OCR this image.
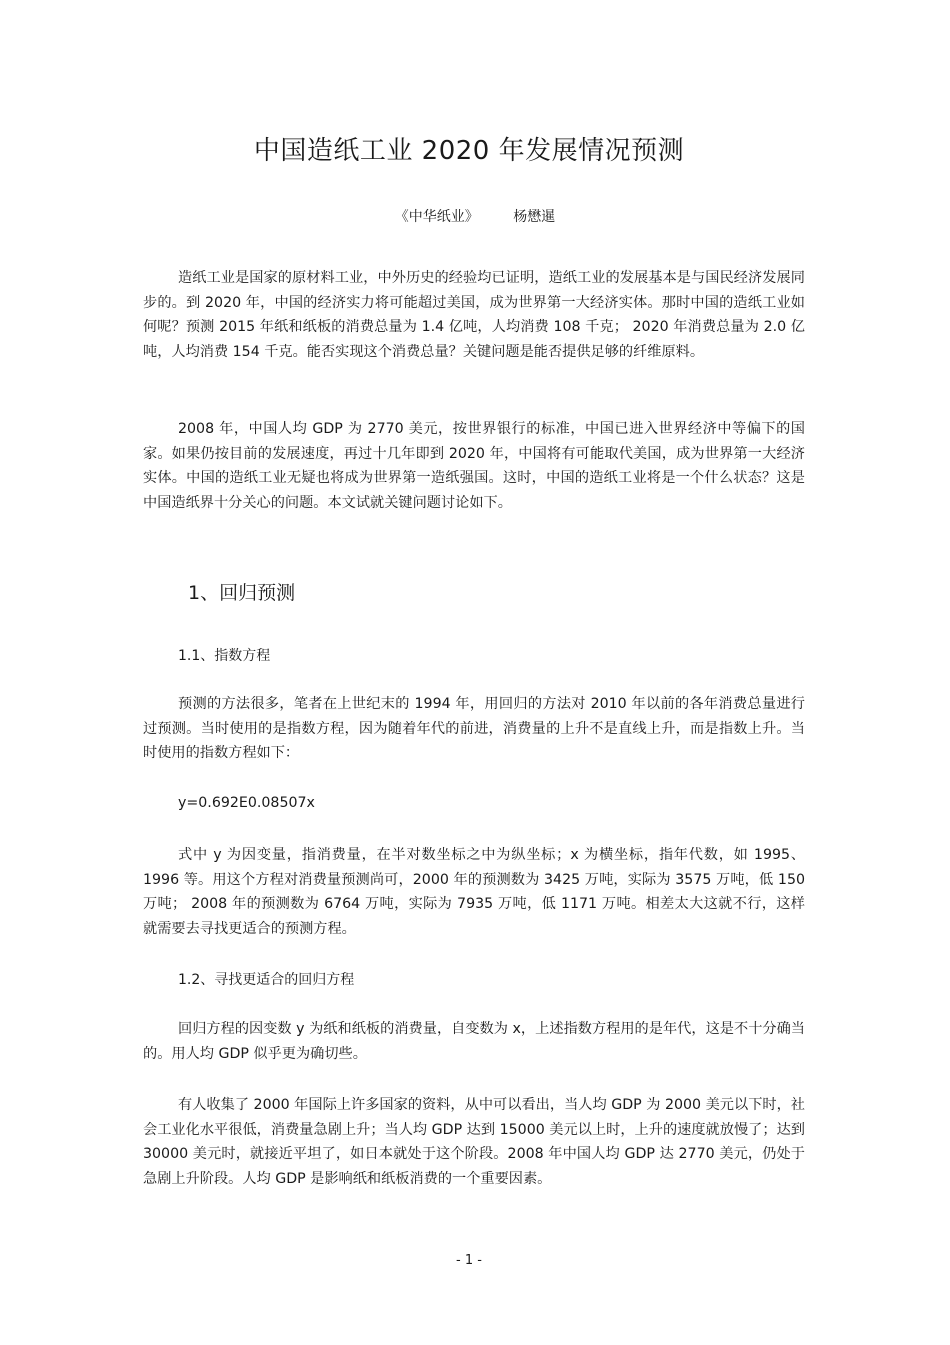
中国造纸工业 2020 年发展情况预测

《中华纸业》 杨懋暹

造纸工业是国家的原材料工业，中外历史的经验均已证明，造纸工业的发展基本是与国民经济发展同步的。到 2020 年，中国的经济实力将可能超过美国，成为世界第一大经济实体。那时中国的造纸工业如何呢？预测 2015 年纸和纸板的消费总量为 1.4 亿吨，人均消费 108 千克； 2020 年消费总量为 2.0 亿吨，人均消费 154 千克。能否实现这个消费总量？关键问题是能否提供足够的纤维原料。

2008 年，中国人均 GDP 为 2770 美元，按世界银行的标准，中国已进入世界经济中等偏下的国家。如果仍按目前的发展速度，再过十几年即到 2020 年，中国将有可能取代美国，成为世界第一大经济实体。中国的造纸工业无疑也将成为世界第一造纸强国。这时，中国的造纸工业将是一个什么状态？这是中国造纸界十分关心的问题。本文试就关键问题讨论如下。

1、回归预测
1.1、指数方程

预测的方法很多，笔者在上世纪末的 1994 年，用回归的方法对 2010 年以前的各年消费总量进行过预测。当时使用的是指数方程，因为随着年代的前进，消费量的上升不是直线上升，而是指数上升。当时使用的指数方程如下：

y=0.692E0.08507x

式中 y 为因变量，指消费量，在半对数坐标之中为纵坐标；x 为横坐标，指年代数，如 1995、1996 等。用这个方程对消费量预测尚可，2000 年的预测数为 3425 万吨，实际为 3575 万吨，低 150 万吨； 2008 年的预测数为 6764 万吨，实际为 7935 万吨，低 1171 万吨。相差太大这就不行，这样就需要去寻找更适合的预测方程。

1.2、寻找更适合的回归方程

回归方程的因变数 y 为纸和纸板的消费量，自变数为 x，上述指数方程用的是年代，这是不十分确当的。用人均 GDP 似乎更为确切些。

有人收集了 2000 年国际上许多国家的资料，从中可以看出，当人均 GDP 为 2000 美元以下时，社会工业化水平很低，消费量急剧上升；当人均 GDP 达到 15000 美元以上时，上升的速度就放慢了；达到 30000 美元时，就接近平坦了，如日本就处于这个阶段。2008 年中国人均 GDP 达 2770 美元，仍处于急剧上升阶段。人均 GDP 是影响纸和纸板消费的一个重要因素。

- 1 -
